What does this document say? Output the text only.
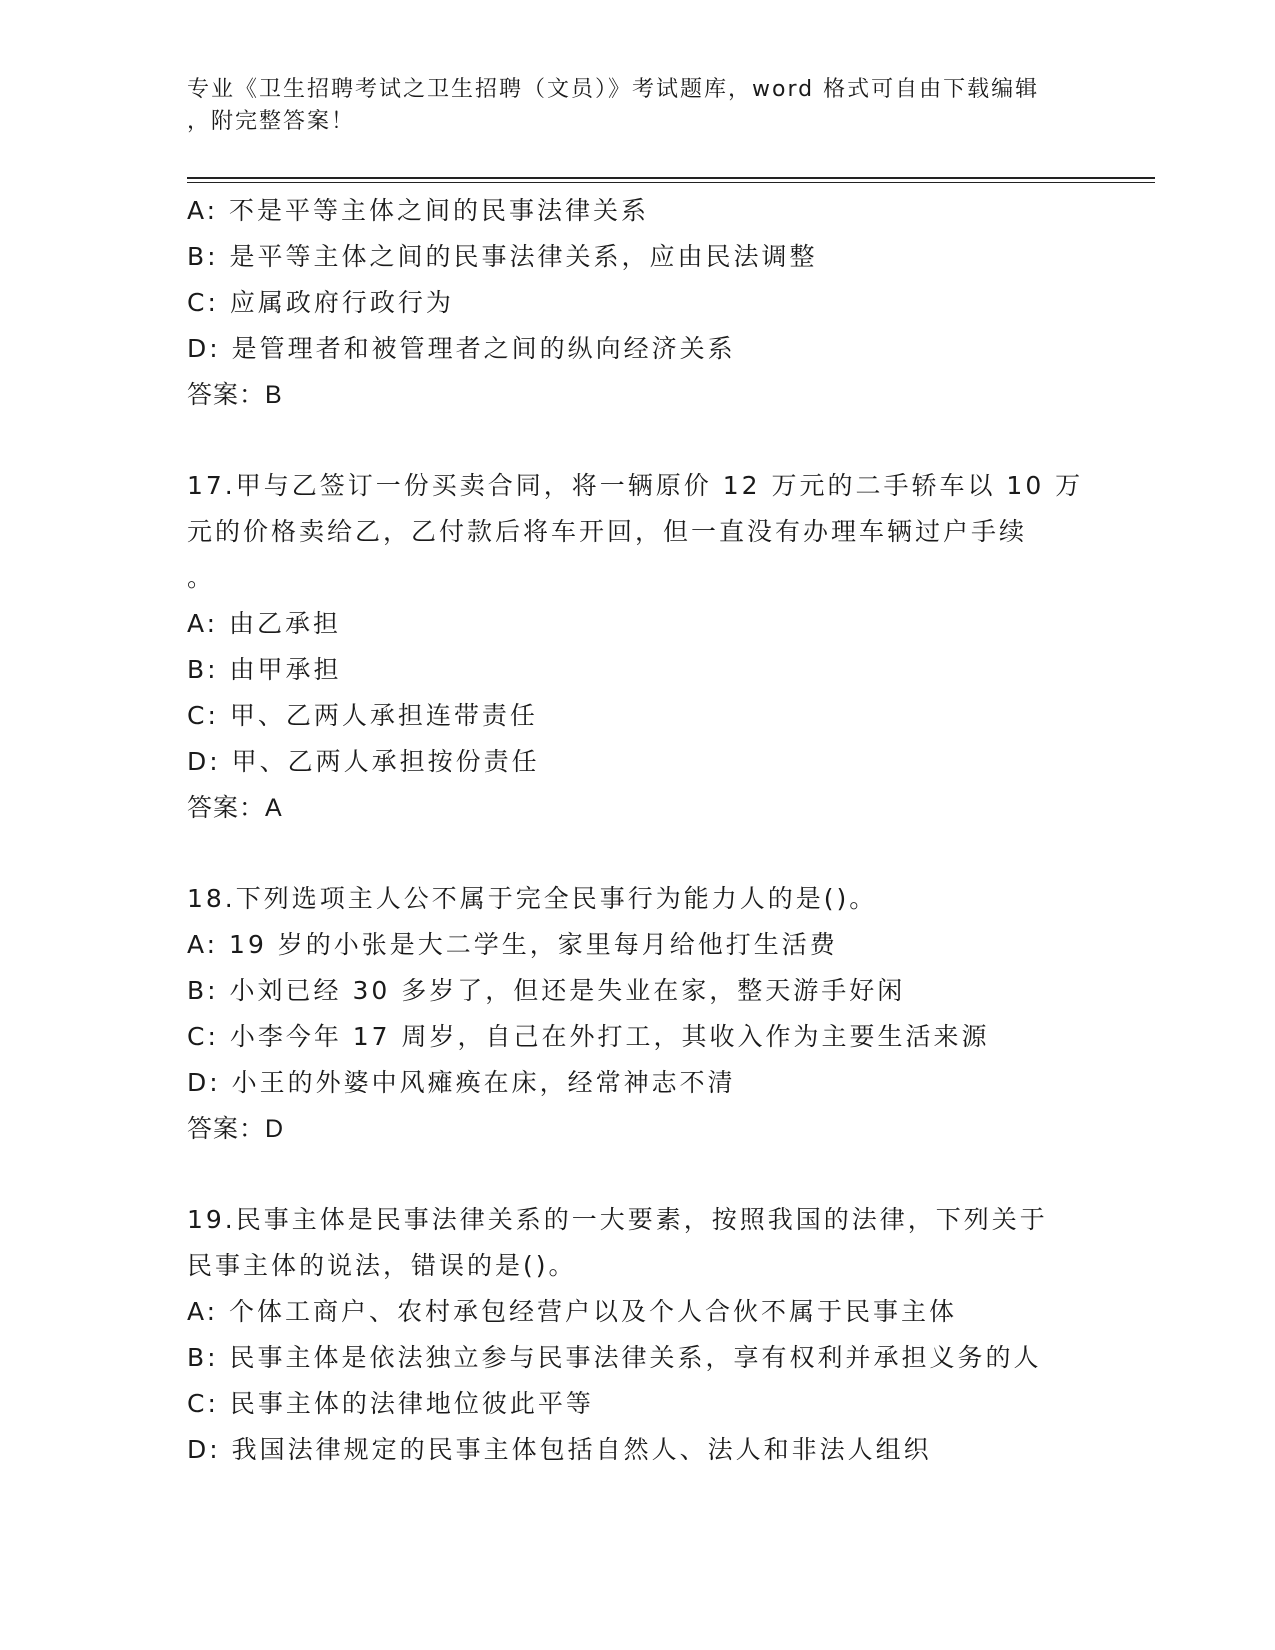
专业《卫生招聘考试之卫生招聘（文员）》考试题库，word 格式可自由下载编辑
，附完整答案！
A: 不是平等主体之间的民事法律关系
B: 是平等主体之间的民事法律关系，应由民法调整
C: 应属政府行政行为
D: 是管理者和被管理者之间的纵向经济关系
答案：B
17.甲与乙签订一份买卖合同，将一辆原价 12 万元的二手轿车以 10 万
元的价格卖给乙，乙付款后将车开回，但一直没有办理车辆过户手续
。
A: 由乙承担
B: 由甲承担
C: 甲、乙两人承担连带责任
D: 甲、乙两人承担按份责任
答案：A
18.下列选项主人公不属于完全民事行为能力人的是()。
A: 19 岁的小张是大二学生，家里每月给他打生活费
B: 小刘已经 30 多岁了，但还是失业在家，整天游手好闲
C: 小李今年 17 周岁，自己在外打工，其收入作为主要生活来源
D: 小王的外婆中风瘫痪在床，经常神志不清
答案：D
19.民事主体是民事法律关系的一大要素，按照我国的法律，下列关于
民事主体的说法，错误的是()。
A: 个体工商户、农村承包经营户以及个人合伙不属于民事主体
B: 民事主体是依法独立参与民事法律关系，享有权利并承担义务的人
C: 民事主体的法律地位彼此平等
D: 我国法律规定的民事主体包括自然人、法人和非法人组织
